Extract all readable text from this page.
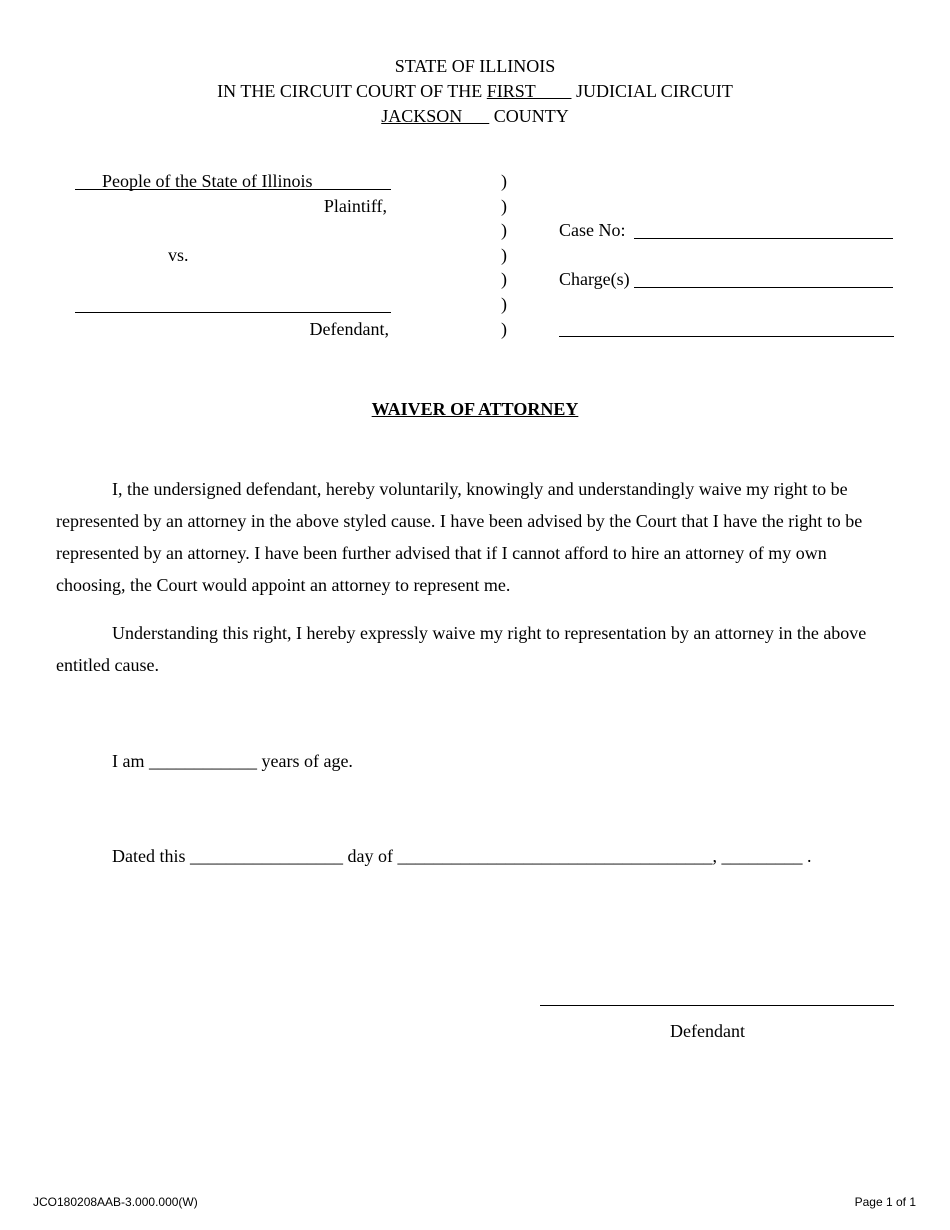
STATE OF ILLINOIS
IN THE CIRCUIT COURT OF THE FIRST         JUDICIAL CIRCUIT
JACKSON       COUNTY
People of the State of Illinois
Plaintiff,
vs.
Defendant,
)
)
)
)
)
)
)
Case No:
Charge(s)
WAIVER OF ATTORNEY
I, the undersigned defendant, hereby voluntarily, knowingly and understandingly waive my right to be represented by an attorney in the above styled cause. I have been advised by the Court that I have the right to be represented by an attorney. I have been further advised that if I cannot afford to hire an attorney of my own choosing, the Court would appoint an attorney to represent me.
Understanding this right, I hereby expressly waive my right to representation by an attorney in the above entitled cause.
I am ____________ years of age.
Dated this _________________ day of ___________________________________, _________ .
Defendant
JCO180208AAB-3.000.000(W)	Page 1 of 1
